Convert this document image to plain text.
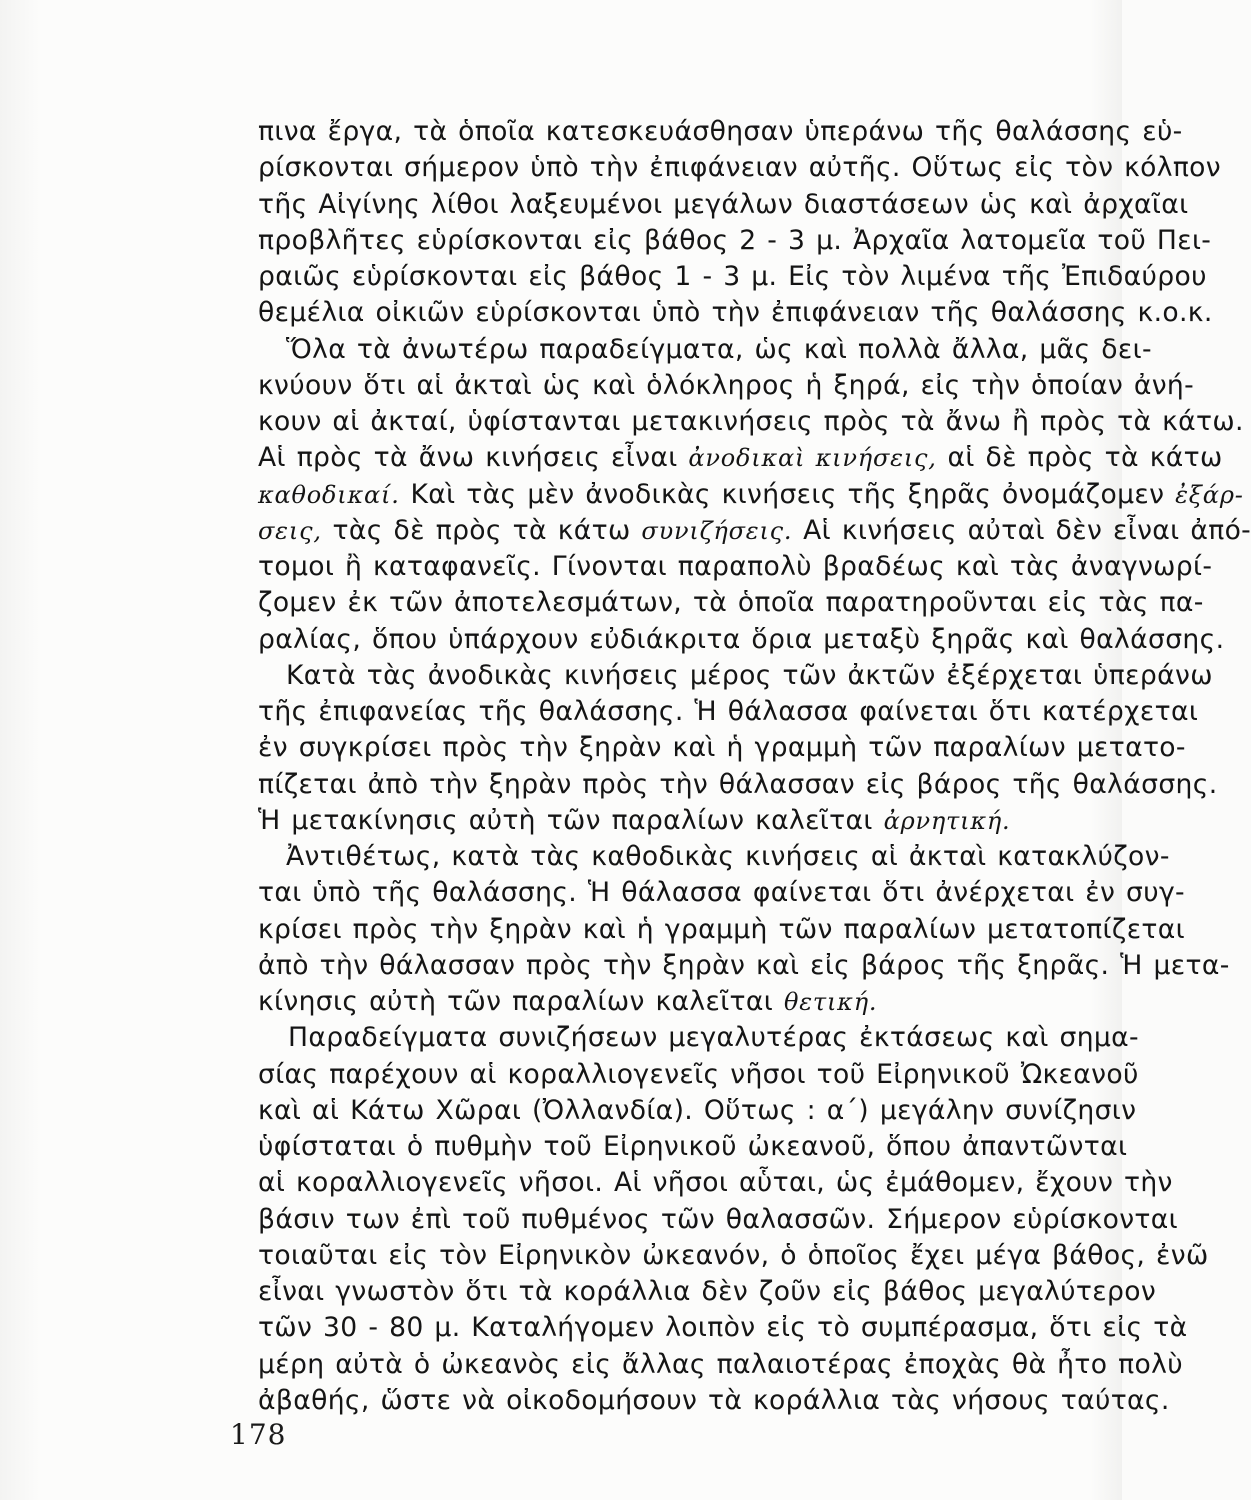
πινα ἔργα, τὰ ὁποῖα κατεσκευάσθησαν ὑπεράνω τῆς θαλάσσης εὑ-
ρίσκονται σήμερον ὑπὸ τὴν ἐπιφάνειαν αὐτῆς. Οὕτως εἰς τὸν κόλπον
τῆς Αἰγίνης λίθοι λαξευμένοι μεγάλων διαστάσεων ὡς καὶ ἀρχαῖαι
προβλῆτες εὑρίσκονται εἰς βάθος 2 - 3 μ. Ἀρχαῖα λατομεῖα τοῦ Πει-
ραιῶς εὑρίσκονται εἰς βάθος 1 - 3 μ. Εἰς τὸν λιμένα τῆς Ἐπιδαύρου
θεμέλια οἰκιῶν εὑρίσκονται ὑπὸ τὴν ἐπιφάνειαν τῆς θαλάσσης κ.ο.κ.
Ὅλα τὰ ἀνωτέρω παραδείγματα, ὡς καὶ πολλὰ ἄλλα, μᾶς δει-
κνύουν ὅτι αἱ ἀκταὶ ὡς καὶ ὁλόκληρος ἡ ξηρά, εἰς τὴν ὁποίαν ἀνή-
κουν αἱ ἀκταί, ὑφίστανται μετακινήσεις πρὸς τὰ ἄνω ἢ πρὸς τὰ κάτω.
Αἱ πρὸς τὰ ἄνω κινήσεις εἶναι ἀνοδικαὶ κινήσεις, αἱ δὲ πρὸς τὰ κάτω
καθοδικαί. Καὶ τὰς μὲν ἀνοδικὰς κινήσεις τῆς ξηρᾶς ὀνομάζομεν ἐξάρ-
σεις, τὰς δὲ πρὸς τὰ κάτω συνιζήσεις. Αἱ κινήσεις αὐταὶ δὲν εἶναι ἀπό-
τομοι ἢ καταφανεῖς. Γίνονται παραπολὺ βραδέως καὶ τὰς ἀναγνωρί-
ζομεν ἐκ τῶν ἀποτελεσμάτων, τὰ ὁποῖα παρατηροῦνται εἰς τὰς πα-
ραλίας, ὅπου ὑπάρχουν εὐδιάκριτα ὅρια μεταξὺ ξηρᾶς καὶ θαλάσσης.
Κατὰ τὰς ἀνοδικὰς κινήσεις μέρος τῶν ἀκτῶν ἐξέρχεται ὑπεράνω
τῆς ἐπιφανείας τῆς θαλάσσης. Ἡ θάλασσα φαίνεται ὅτι κατέρχεται
ἐν συγκρίσει πρὸς τὴν ξηρὰν καὶ ἡ γραμμὴ τῶν παραλίων μετατο-
πίζεται ἀπὸ τὴν ξηρὰν πρὸς τὴν θάλασσαν εἰς βάρος τῆς θαλάσσης.
Ἡ μετακίνησις αὐτὴ τῶν παραλίων καλεῖται ἀρνητική.
Ἀντιθέτως, κατὰ τὰς καθοδικὰς κινήσεις αἱ ἀκταὶ κατακλύζον-
ται ὑπὸ τῆς θαλάσσης. Ἡ θάλασσα φαίνεται ὅτι ἀνέρχεται ἐν συγ-
κρίσει πρὸς τὴν ξηρὰν καὶ ἡ γραμμὴ τῶν παραλίων μετατοπίζεται
ἀπὸ τὴν θάλασσαν πρὸς τὴν ξηρὰν καὶ εἰς βάρος τῆς ξηρᾶς. Ἡ μετα-
κίνησις αὐτὴ τῶν παραλίων καλεῖται θετική.
Παραδείγματα συνιζήσεων μεγαλυτέρας ἐκτάσεως καὶ σημα-
σίας παρέχουν αἱ κοραλλιογενεῖς νῆσοι τοῦ Εἰρηνικοῦ Ὠκεανοῦ
καὶ αἱ Κάτω Χῶραι (Ὀλλανδία). Οὕτως : α΄) μεγάλην συνίζησιν
ὑφίσταται ὁ πυθμὴν τοῦ Εἰρηνικοῦ ὠκεανοῦ, ὅπου ἀπαντῶνται
αἱ κοραλλιογενεῖς νῆσοι. Αἱ νῆσοι αὗται, ὡς ἐμάθομεν, ἔχουν τὴν
βάσιν των ἐπὶ τοῦ πυθμένος τῶν θαλασσῶν. Σήμερον εὑρίσκονται
τοιαῦται εἰς τὸν Εἰρηνικὸν ὠκεανόν, ὁ ὁποῖος ἔχει μέγα βάθος, ἐνῶ
εἶναι γνωστὸν ὅτι τὰ κοράλλια δὲν ζοῦν εἰς βάθος μεγαλύτερον
τῶν 30 - 80 μ. Καταλήγομεν λοιπὸν εἰς τὸ συμπέρασμα, ὅτι εἰς τὰ
μέρη αὐτὰ ὁ ὠκεανὸς εἰς ἄλλας παλαιοτέρας ἐποχὰς θὰ ἦτο πολὺ
ἀβαθής, ὥστε νὰ οἰκοδομήσουν τὰ κοράλλια τὰς νήσους ταύτας.
178
